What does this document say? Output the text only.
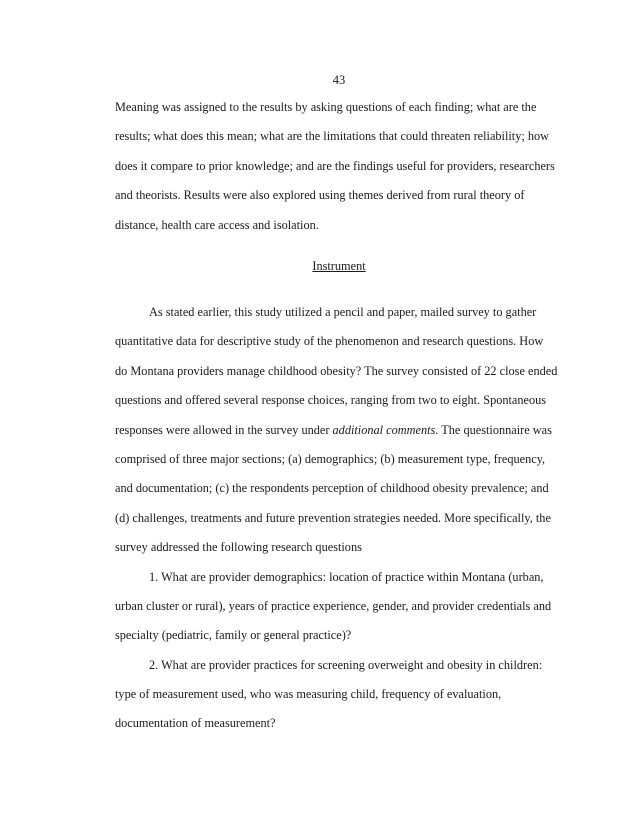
43
Meaning was assigned to the results by asking questions of each finding; what are the
results; what does this mean; what are the limitations that could threaten reliability; how
does it compare to prior knowledge; and are the findings useful for providers, researchers
and theorists. Results were also explored using themes derived from rural theory of
distance, health care access and isolation.
Instrument
As stated earlier, this study utilized a pencil and paper, mailed survey to gather
quantitative data for descriptive study of the phenomenon and research questions. How
do Montana providers manage childhood obesity? The survey consisted of 22 close ended
questions and offered several response choices, ranging from two to eight. Spontaneous
responses were allowed in the survey under additional comments. The questionnaire was
comprised of three major sections; (a) demographics; (b) measurement type, frequency,
and documentation; (c) the respondents perception of childhood obesity prevalence; and
(d) challenges, treatments and future prevention strategies needed. More specifically, the
survey addressed the following research questions
1. What are provider demographics: location of practice within Montana (urban,
urban cluster or rural), years of practice experience, gender, and provider credentials and
specialty (pediatric, family or general practice)?
2. What are provider practices for screening overweight and obesity in children:
type of measurement used, who was measuring child, frequency of evaluation,
documentation of measurement?
